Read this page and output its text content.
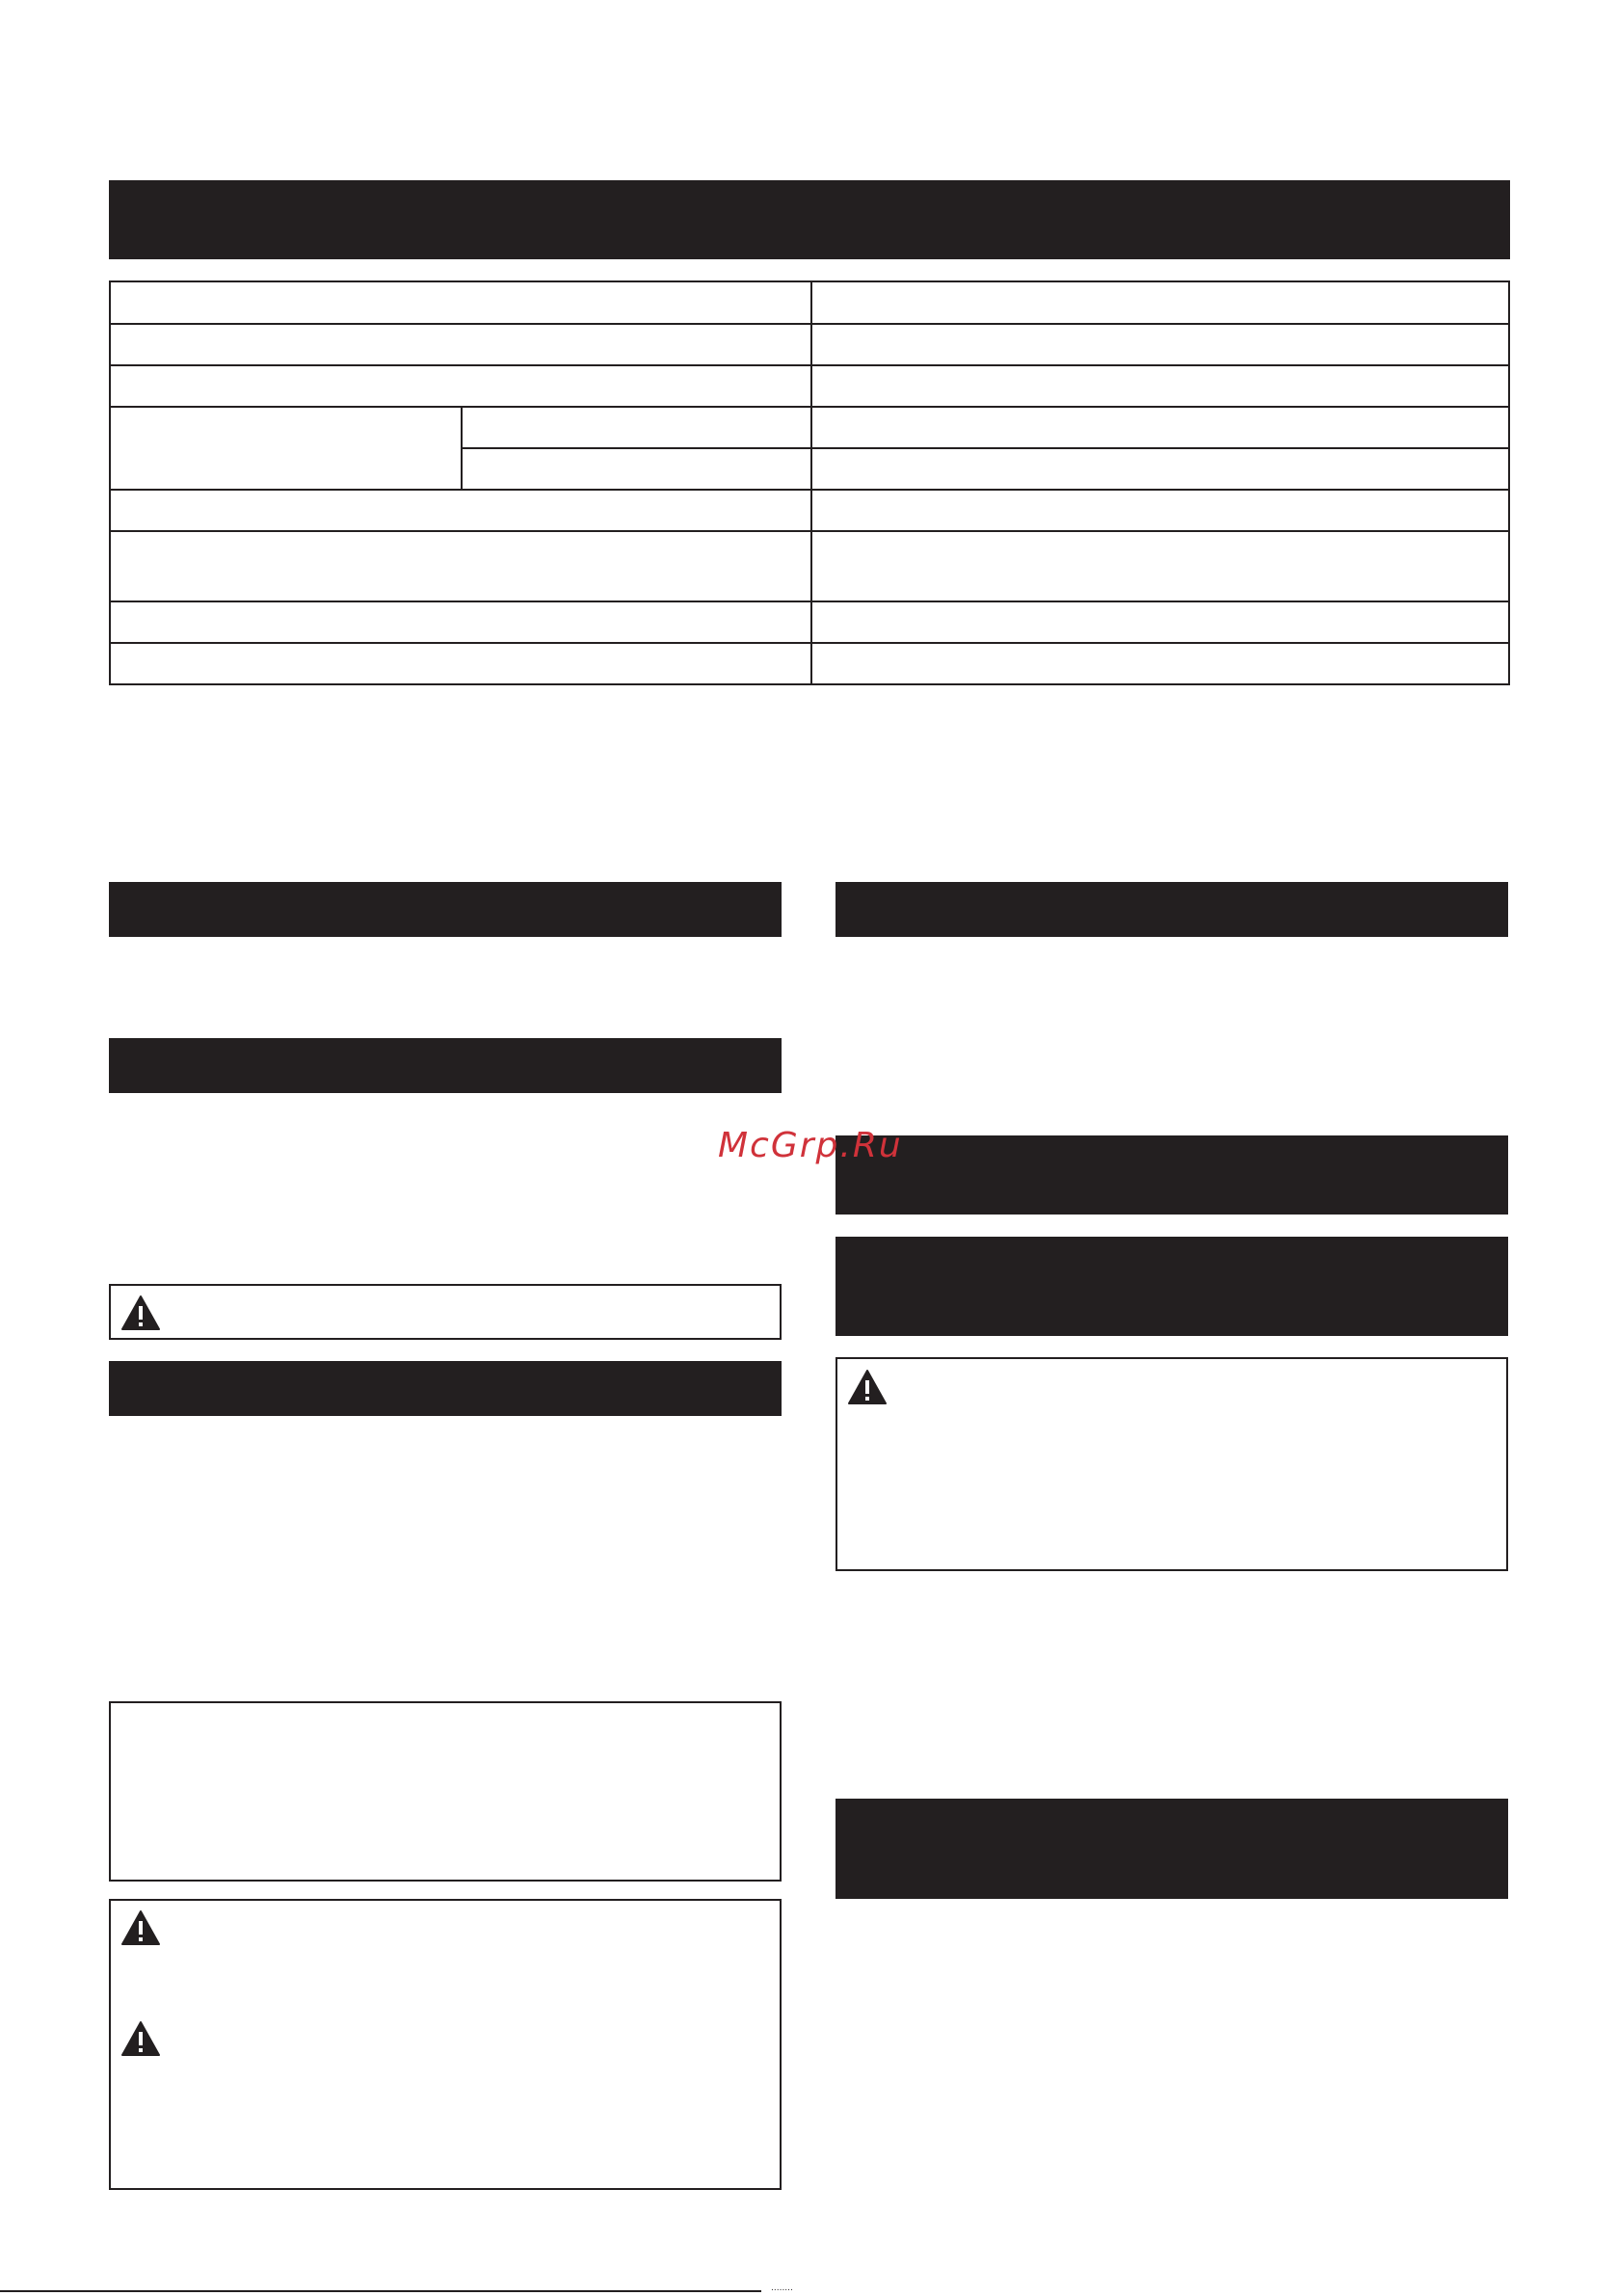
McGrp.Ru
........
